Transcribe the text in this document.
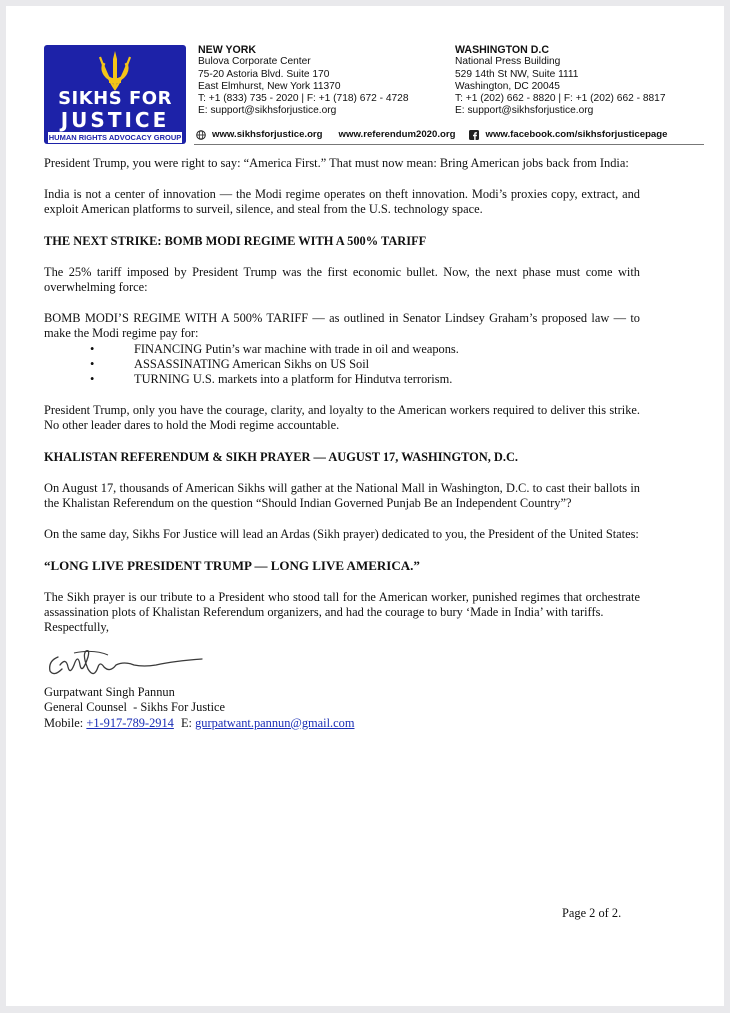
SIKHS FOR
JUSTICE
HUMAN RIGHTS ADVOCACY GROUP
NEW YORK
Bulova Corporate Center
75-20 Astoria Blvd. Suite 170
East Elmhurst, New York 11370
T: +1 (833) 735 - 2020 | F: +1 (718) 672 - 4728
E: support@sikhsforjustice.org
WASHINGTON D.C
National Press Building
529 14th St NW, Suite 1111
Washington, DC 20045
T: +1 (202) 662 - 8820 | F: +1 (202) 662 - 8817
E: support@sikhsforjustice.org
www.sikhsforjustice.org www.referendum2020.org	www.facebook.com/sikhsforjusticepage

President Trump, you were right to say: “America First.” That must now mean: Bring American jobs back from India:

India is not a center of innovation — the Modi regime operates on theft innovation. Modi’s proxies copy, extract, and exploit American platforms to surveil, silence, and steal from the U.S. technology space.

THE NEXT STRIKE: BOMB MODI REGIME WITH A 500% TARIFF

The 25% tariff imposed by President Trump was the first economic bullet. Now, the next phase must come with overwhelming force:

BOMB MODI’S REGIME WITH A 500% TARIFF — as outlined in Senator Lindsey Graham’s proposed law — to make the Modi regime pay for:

• FINANCING Putin’s war machine with trade in oil and weapons.
• ASSASSINATING American Sikhs on US Soil
• TURNING U.S. markets into a platform for Hindutva terrorism.

President Trump, only you have the courage, clarity, and loyalty to the American workers required to deliver this strike. No other leader dares to hold the Modi regime accountable.

KHALISTAN REFERENDUM & SIKH PRAYER — AUGUST 17, WASHINGTON, D.C.

On August 17, thousands of American Sikhs will gather at the National Mall in Washington, D.C. to cast their ballots in the Khalistan Referendum on the question “Should Indian Governed Punjab Be an Independent Country”?

On the same day, Sikhs For Justice will lead an Ardas (Sikh prayer) dedicated to you, the President of the United States:

“LONG LIVE PRESIDENT TRUMP — LONG LIVE AMERICA.”

The Sikh prayer is our tribute to a President who stood tall for the American worker, punished regimes that orchestrate assassination plots of Khalistan Referendum organizers, and had the courage to bury ‘Made in India’ with tariffs.

Respectfully,

Gurpatwant Singh Pannun

General Counsel  - Sikhs For Justice

Mobile: +1-917-789-2914 E: gurpatwant.pannun@gmail.com

Page 2 of 2.
